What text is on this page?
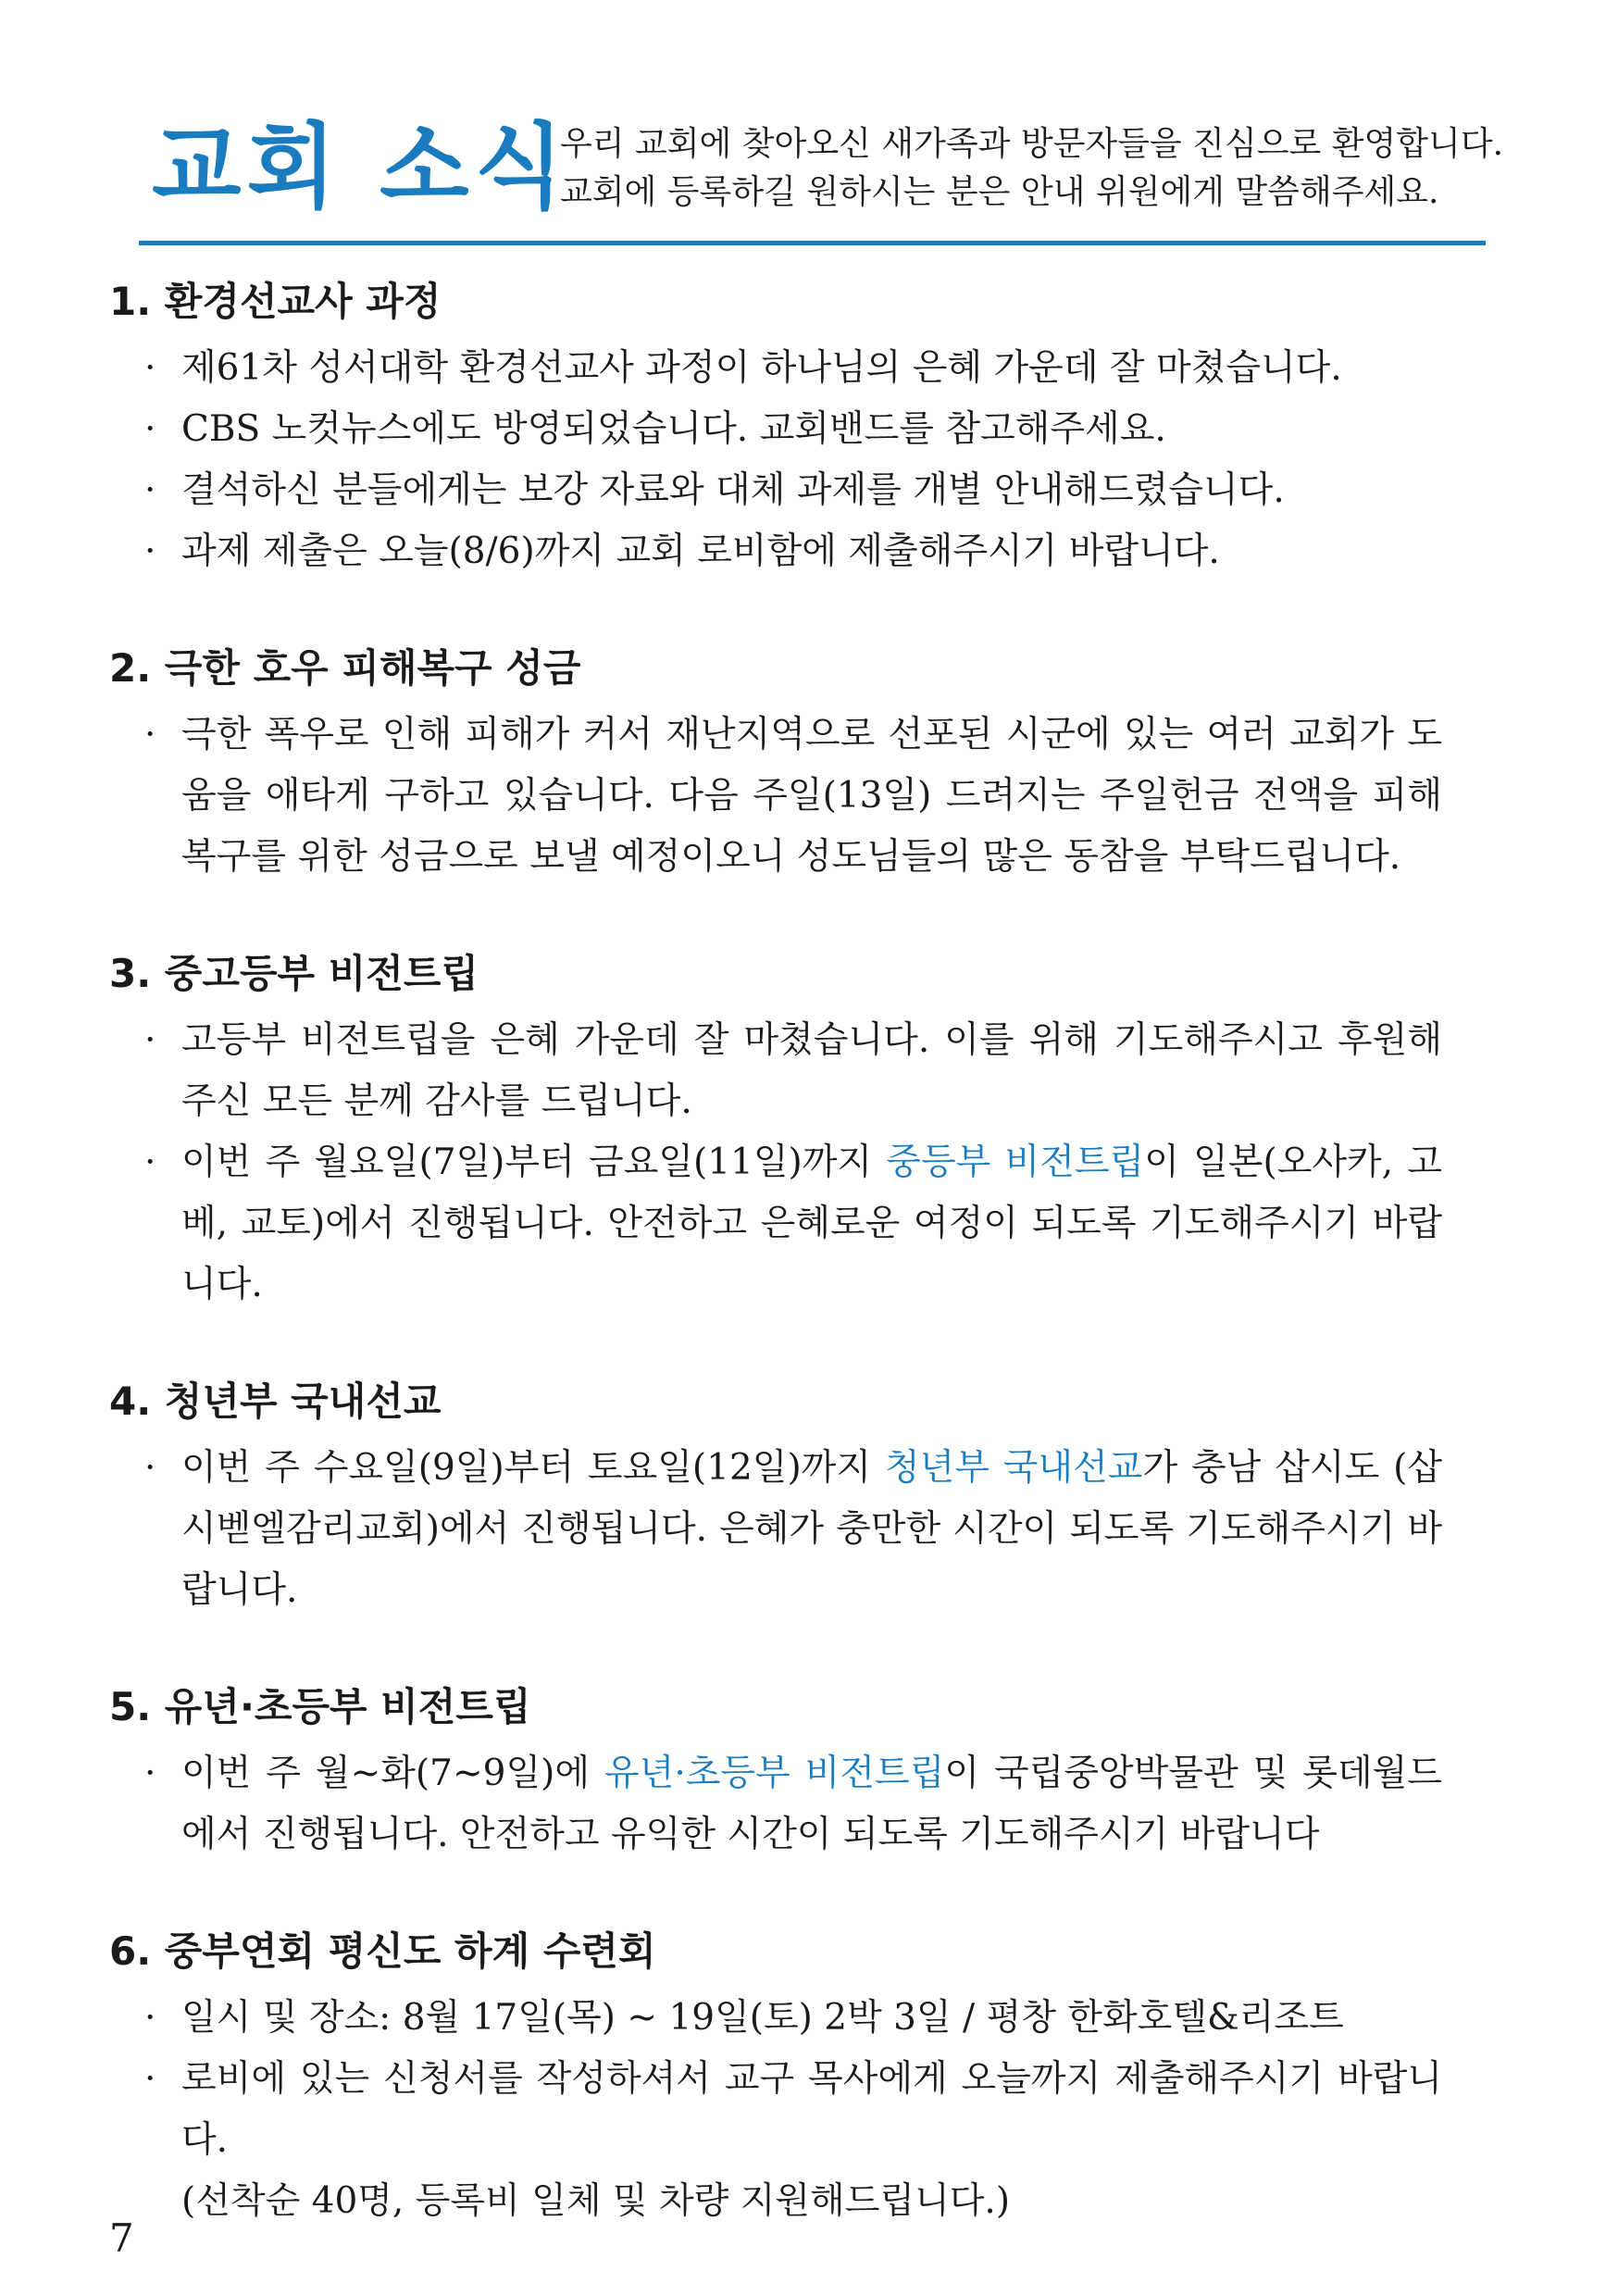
교회 소식
우리 교회에 찾아오신 새가족과 방문자들을 진심으로 환영합니다.
교회에 등록하길 원하시는 분은 안내 위원에게 말씀해주세요.
1. 환경선교사 과정
· 제61차 성서대학 환경선교사 과정이 하나님의 은혜 가운데 잘 마쳤습니다.
· CBS 노컷뉴스에도 방영되었습니다. 교회밴드를 참고해주세요.
· 결석하신 분들에게는 보강 자료와 대체 과제를 개별 안내해드렸습니다.
· 과제 제출은 오늘(8/6)까지 교회 로비함에 제출해주시기 바랍니다.
2. 극한 호우 피해복구 성금
· 극한 폭우로 인해 피해가 커서 재난지역으로 선포된 시군에 있는 여러 교회가 도움을 애타게 구하고 있습니다. 다음 주일(13일) 드려지는 주일헌금 전액을 피해복구를 위한 성금으로 보낼 예정이오니 성도님들의 많은 동참을 부탁드립니다.
3. 중고등부 비전트립
· 고등부 비전트립을 은혜 가운데 잘 마쳤습니다. 이를 위해 기도해주시고 후원해 주신 모든 분께 감사를 드립니다.
· 이번 주 월요일(7일)부터 금요일(11일)까지 중등부 비전트립이 일본(오사카, 고베, 교토)에서 진행됩니다. 안전하고 은혜로운 여정이 되도록 기도해주시기 바랍니다.
4. 청년부 국내선교
· 이번 주 수요일(9일)부터 토요일(12일)까지 청년부 국내선교가 충남 삽시도 (삽시벧엘감리교회)에서 진행됩니다. 은혜가 충만한 시간이 되도록 기도해주시기 바랍니다.
5. 유년·초등부 비전트립
· 이번 주 월~화(7~9일)에 유년·초등부 비전트립이 국립중앙박물관 및 롯데월드에서 진행됩니다. 안전하고 유익한 시간이 되도록 기도해주시기 바랍니다
6. 중부연회 평신도 하계 수련회
· 일시 및 장소: 8월 17일(목) ~ 19일(토) 2박 3일 / 평창 한화호텔&리조트
· 로비에 있는 신청서를 작성하셔서 교구 목사에게 오늘까지 제출해주시기 바랍니다.
(선착순 40명, 등록비 일체 및 차량 지원해드립니다.)
7
